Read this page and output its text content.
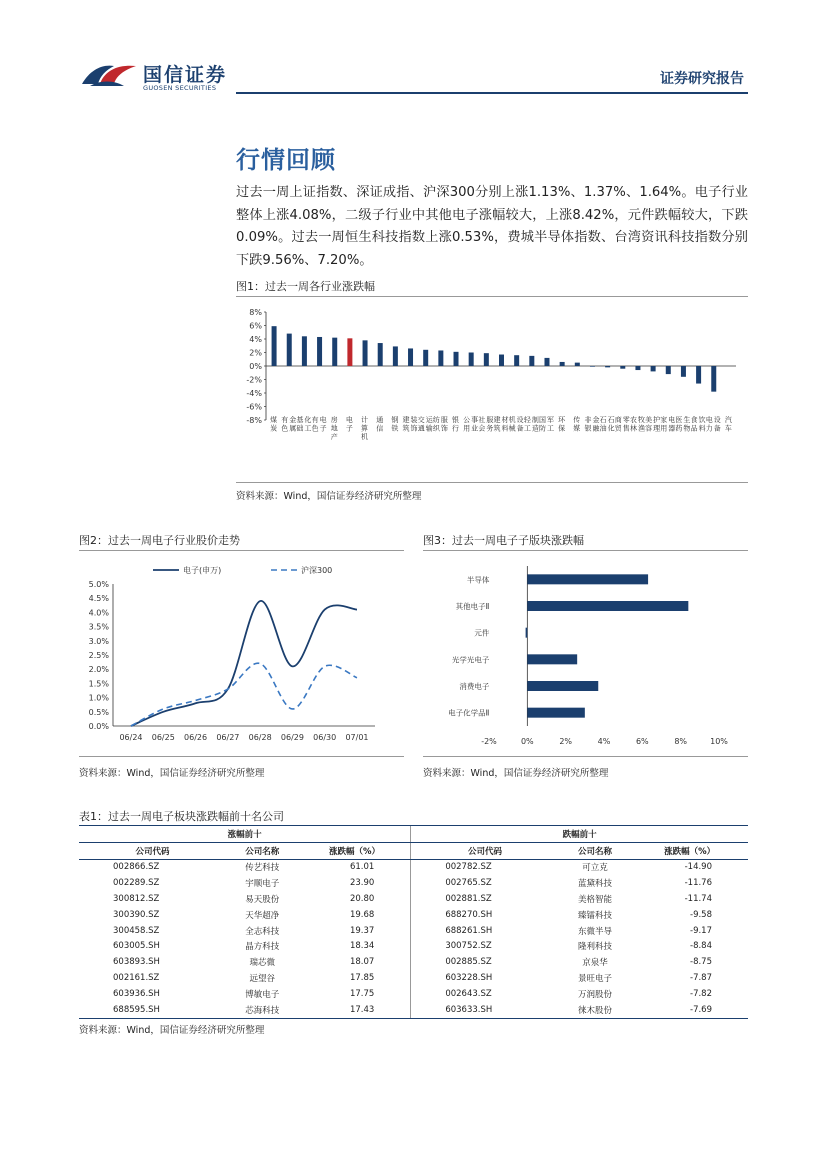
国信证券
GUOSEN SECURITIES
证券研究报告
行情回顾
过去一周上证指数、深证成指、沪深300分别上涨1.13%、1.37%、1.64%。电子行业整体上涨4.08%，二级子行业中其他电子涨幅较大，上涨8.42%，元件跌幅较大，下跌0.09%。过去一周恒生科技指数上涨0.53%，费城半导体指数、台湾资讯科技指数分别下跌9.56%、7.20%。
图1：过去一周各行业涨跌幅
8%
6%
4%
2%
0%
-2%
-4%
-6%
-8% 煤
炭
有
色
金
属
基
础
化
工
有
色
电
子
房
地
产
电
子
计
算
机
通
信
钢
铁
建
筑
装
饰
交
通
运
输
纺
织
服
饰
银
行
公
用
事
业
社
会
服
务
建
筑
材
料
机
械
设
备
轻
工
制
造
国
防
军
工
环
保
传
媒
非
银
金
融
石
油
石
化
商
贸
零
售
农
林
牧
渔
美
容
护
理
家
用
电
器
医
药
生
物
食
品
饮
料
电
力
设
备
汽
车
资料来源：Wind，国信证券经济研究所整理
图2：过去一周电子行业股价走势
5.0%
4.5%
4.0%
3.5%
3.0%
2.5%
2.0%
1.5%
1.0%
0.5%
0.0%
06/24 06/25 06/26 06/27 06/28 06/29 06/30 07/01
电子(申万)	沪深300
资料来源：Wind，国信证券经济研究所整理
图3：过去一周电子子版块涨跌幅
-2%	0%	2%	4%	6%	8%	10%
半导体
其他电子Ⅱ
元件
光学光电子
消费电子
电子化学品Ⅱ
资料来源：Wind，国信证券经济研究所整理
表1：过去一周电子板块涨跌幅前十名公司
涨幅前十			跌幅前十		
公司代码	公司名称	涨跌幅（%）	公司代码	公司名称	涨跌幅（%）
002866.SZ	传艺科技	61.01	002782.SZ	可立克	-14.90
002289.SZ	宇顺电子	23.90	002765.SZ	蓝黛科技	-11.76
300812.SZ	易天股份	20.80	002881.SZ	美格智能	-11.74
300390.SZ	天华超净	19.68	688270.SH	臻镭科技	-9.58
300458.SZ	全志科技	19.37	688261.SH	东微半导	-9.17
603005.SH	晶方科技	18.34	300752.SZ	隆利科技	-8.84
603893.SH	瑞芯微	18.07	002885.SZ	京泉华	-8.75
002161.SZ	远望谷	17.85	603228.SH	景旺电子	-7.87
603936.SH	博敏电子	17.75	002643.SZ	万润股份	-7.82
688595.SH	芯海科技	17.43	603633.SH	徕木股份	-7.69
资料来源：Wind，国信证券经济研究所整理
